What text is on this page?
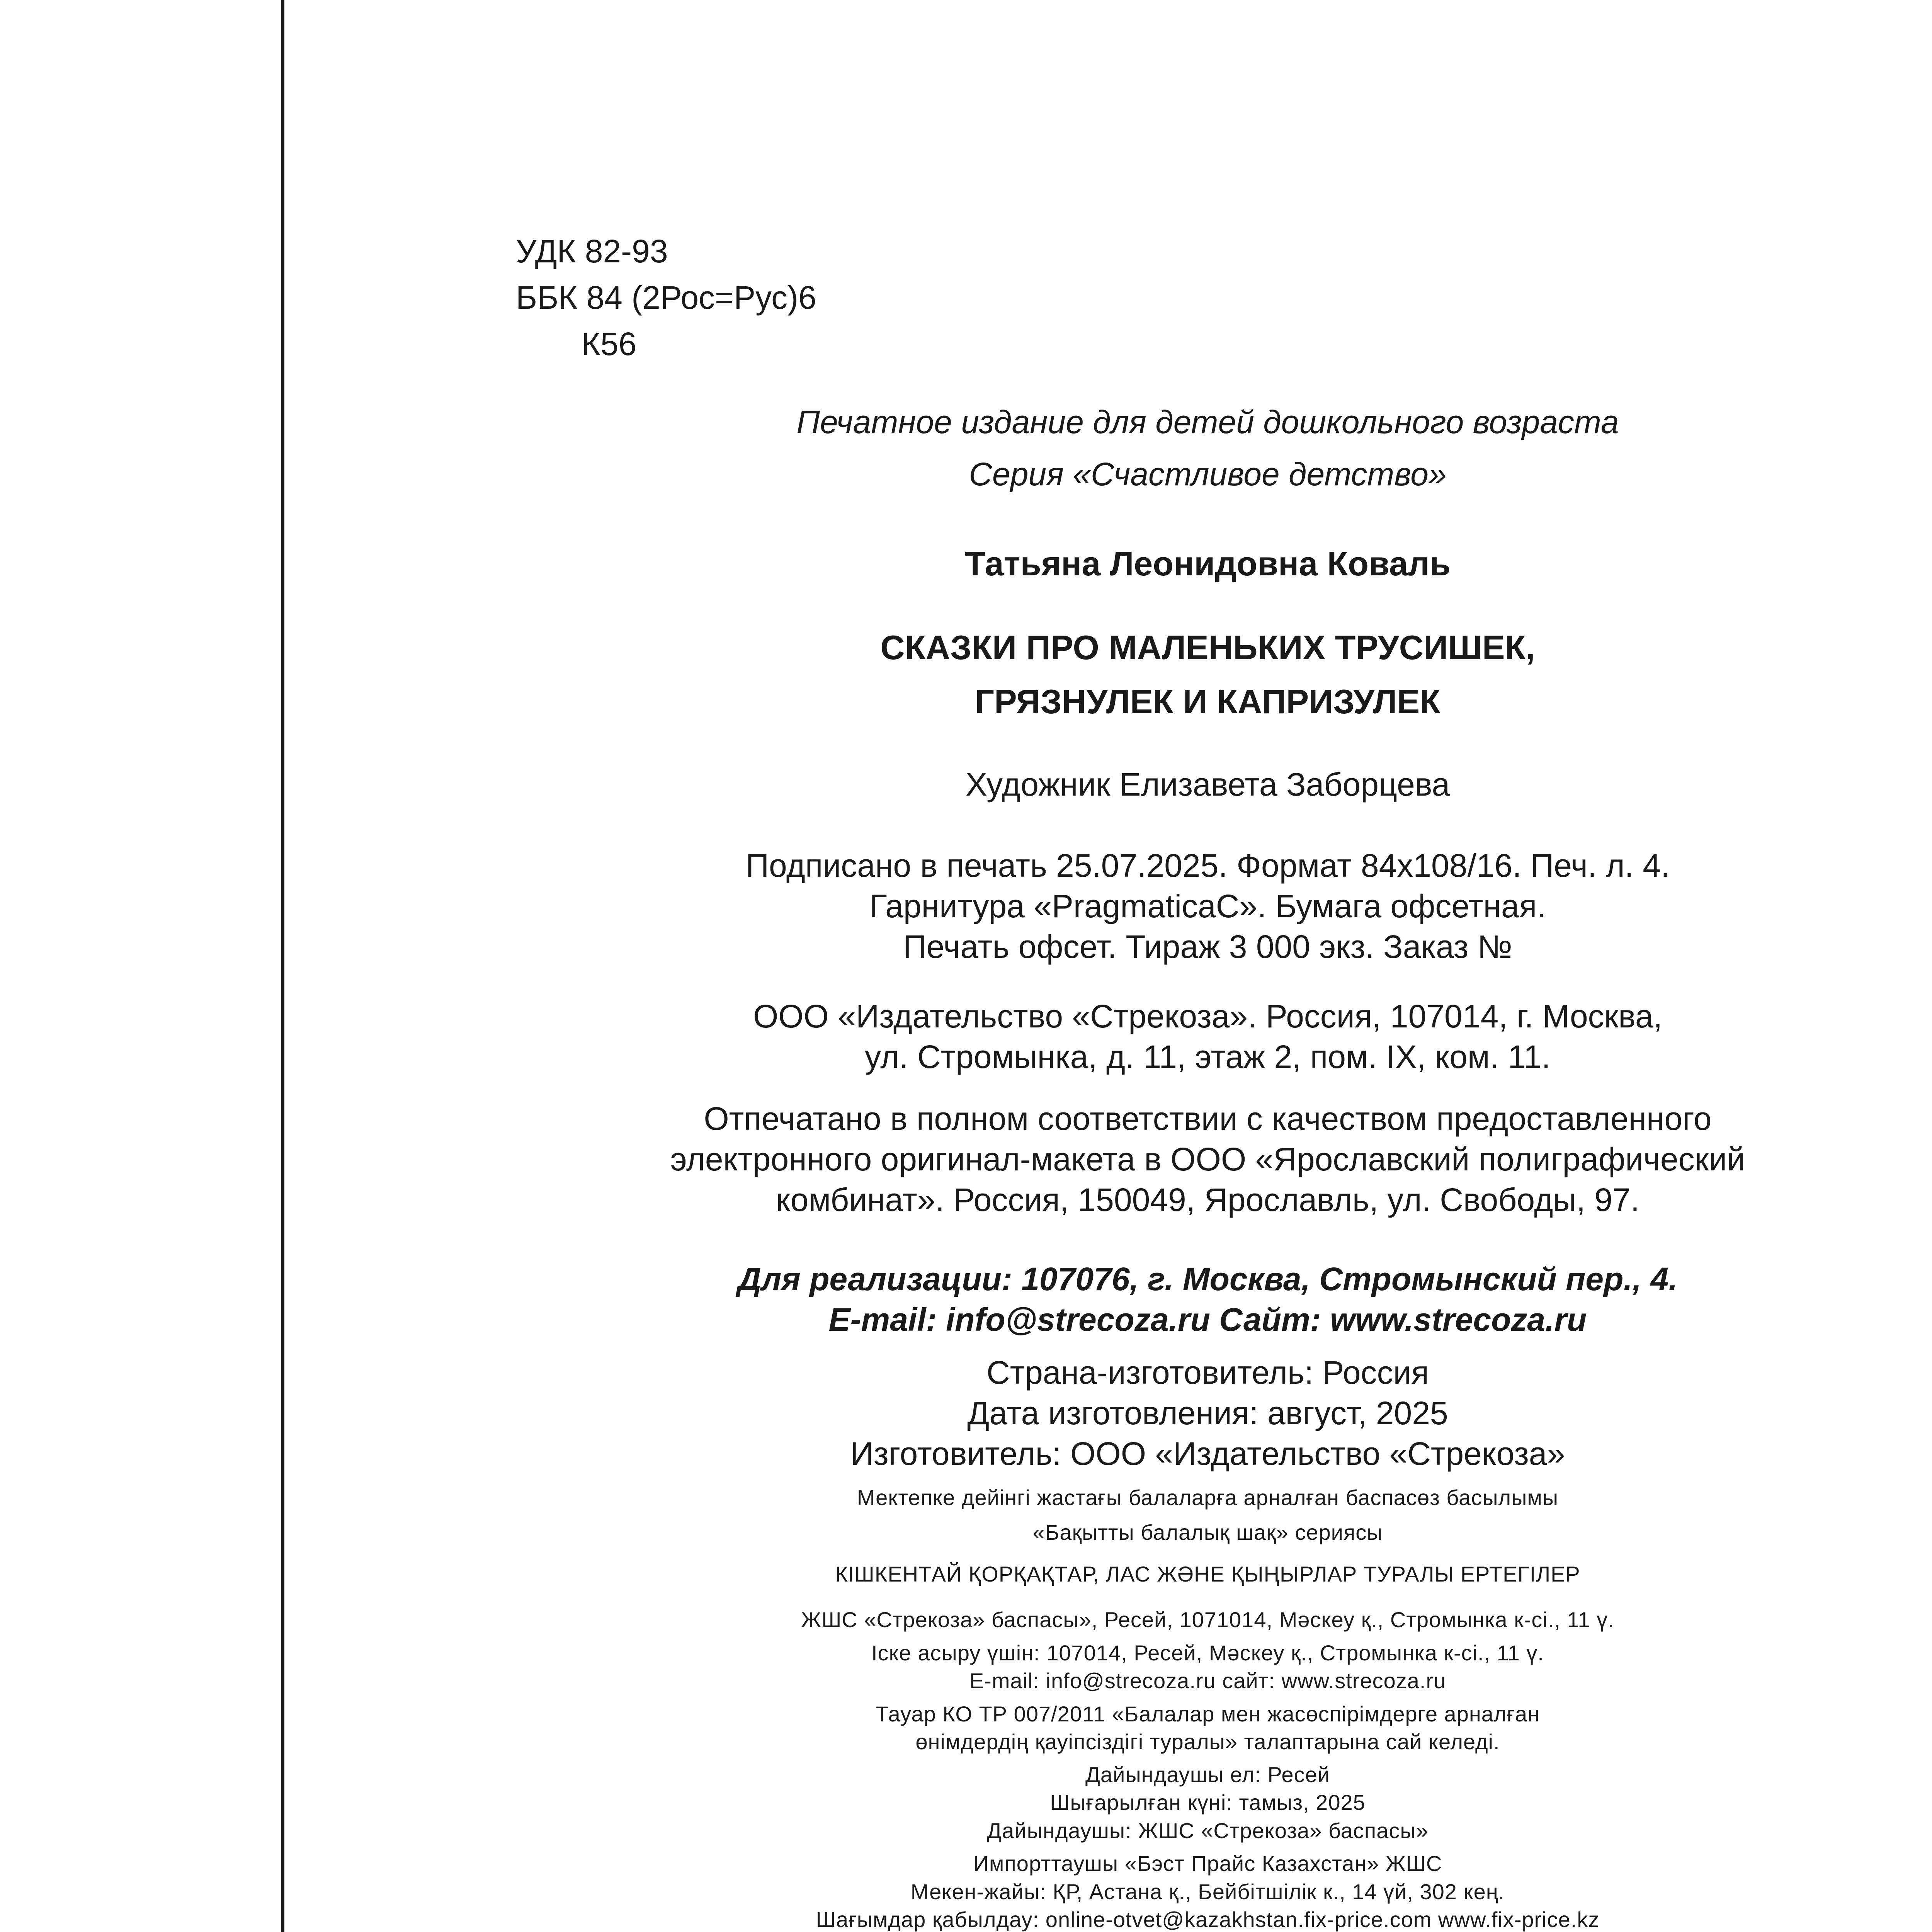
УДК 82-93
ББК 84 (2Рос=Рус)6
К56
Печатное издание для детей дошкольного возраста
Серия «Счастливое детство»
Татьяна Леонидовна Коваль
СКАЗКИ ПРО МАЛЕНЬКИХ ТРУСИШЕК,
ГРЯЗНУЛЕК И КАПРИЗУЛЕК
Художник Елизавета Заборцева
Подписано в печать 25.07.2025. Формат 84х108/16. Печ. л. 4.
Гарнитура «PragmaticaC». Бумага офсетная.
Печать офсет. Тираж 3 000 экз. Заказ №
ООО «Издательство «Стрекоза». Россия, 107014, г. Москва,
ул. Стромынка, д. 11, этаж 2, пом. IX, ком. 11.
Отпечатано в полном соответствии с качеством предоставленного
электронного оригинал-макета в ООО «Ярославский полиграфический
комбинат». Россия, 150049, Ярославль, ул. Свободы, 97.
Для реализации: 107076, г. Москва, Стромынский пер., 4.
E-mail: info@strecoza.ru Сайт: www.strecoza.ru
Страна-изготовитель: Россия
Дата изготовления: август, 2025
Изготовитель: ООО «Издательство «Стрекоза»
Мектепке дейінгі жастағы балаларға арналған баспасөз басылымы
«Бақытты балалық шақ» сериясы
КІШКЕНТАЙ ҚОРҚАҚТАР, ЛАС ЖӘНЕ ҚЫҢЫРЛАР ТУРАЛЫ ЕРТЕГІЛЕР
ЖШС «Стрекоза» баспасы», Ресей, 1071014, Мәскеу қ., Стромынка к-сі., 11 ү.
Іске асыру үшін: 107014, Ресей, Мәскеу қ., Стромынка к-сі., 11 ү.
E-mail: info@strecoza.ru сайт: www.strecoza.ru
Тауар КО ТР 007/2011 «Балалар мен жасөспірімдерге арналған
өнімдердің қауіпсіздігі туралы» талаптарына сай келеді.
Дайындаушы ел: Ресей
Шығарылған күні: тамыз, 2025
Дайындаушы: ЖШС «Стрекоза» баспасы»
Импорттаушы «Бэст Прайс Казахстан» ЖШС
Мекен-жайы: ҚР, Астана қ., Бейбітшілік к., 14 үй, 302 кең.
Шағымдар қабылдау: online-otvet@kazakhstan.fix-price.com www.fix-price.kz
